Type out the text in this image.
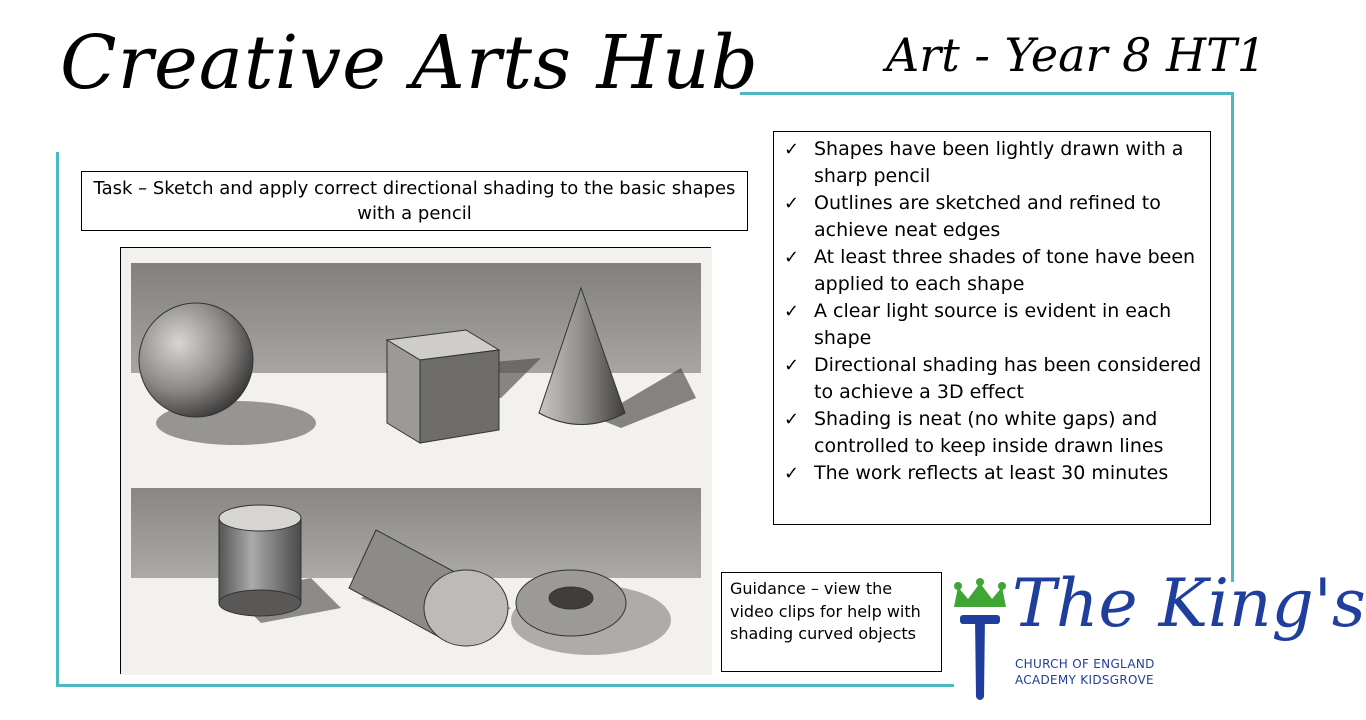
Creative Arts Hub	Art - Year 8 HT1
Task – Sketch and apply correct directional shading to the basic shapes with a pencil
✓ Shapes have been lightly drawn with a sharp pencil
✓ Outlines are sketched and refined to achieve neat edges
✓ At least three shades of tone have been applied to each shape
✓ A clear light source is evident in each shape
✓ Directional shading has been considered to achieve a 3D effect
✓ Shading is neat (no white gaps) and controlled to keep inside drawn lines
✓ The work reflects at least 30 minutes
Guidance – view the video clips for help with shading curved objects	The King's
CHURCH OF ENGLAND
ACADEMY KIDSGROVE
